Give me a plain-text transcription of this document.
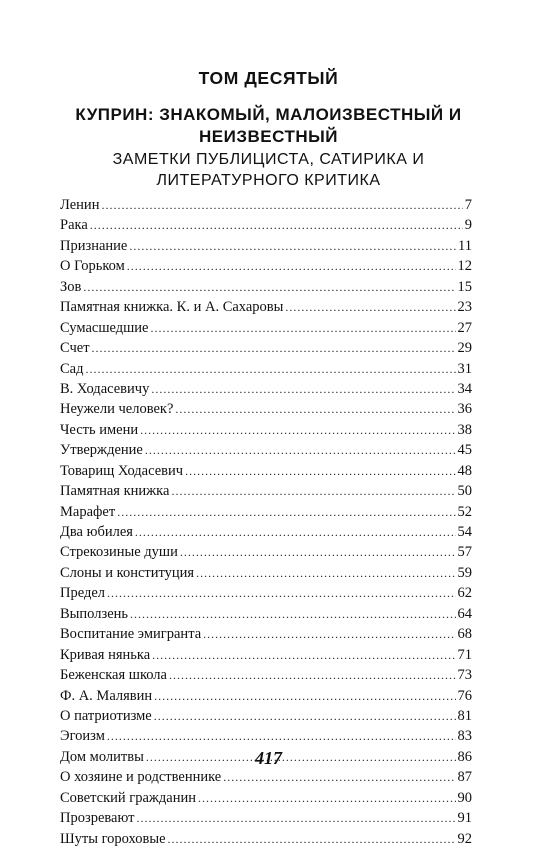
ТОМ ДЕСЯТЫЙ
КУПРИН: ЗНАКОМЫЙ, МАЛОИЗВЕСТНЫЙ И
НЕИЗВЕСТНЫЙ
ЗАМЕТКИ ПУБЛИЦИСТА, САТИРИКА И
ЛИТЕРАТУРНОГО КРИТИКА
Ленин .....	7
Рака .....	9
Признание .....	11
О Горьком .....	12
Зов .....	15
Памятная книжка. К. и А. Сахаровы .....	23
Сумасшедшие .....	27
Счет .....	29
Сад .....	31
В. Ходасевичу .....	34
Неужели человек? .....	36
Честь имени .....	38
Утверждение .....	45
Товарищ Ходасевич .....	48
Памятная книжка .....	50
Марафет .....	52
Два юбилея .....	54
Стрекозиные души .....	57
Слоны и конституция .....	59
Предел .....	62
Выползень .....	64
Воспитание эмигранта .....	68
Кривая нянька .....	71
Беженская школа .....	73
Ф. А. Малявин .....	76
О патриотизме .....	81
Эгоизм .....	83
Дом молитвы .....	86
О хозяине и родственнике .....	87
Советский гражданин .....	90
Прозревают .....	91
Шуты гороховые .....	92
417
